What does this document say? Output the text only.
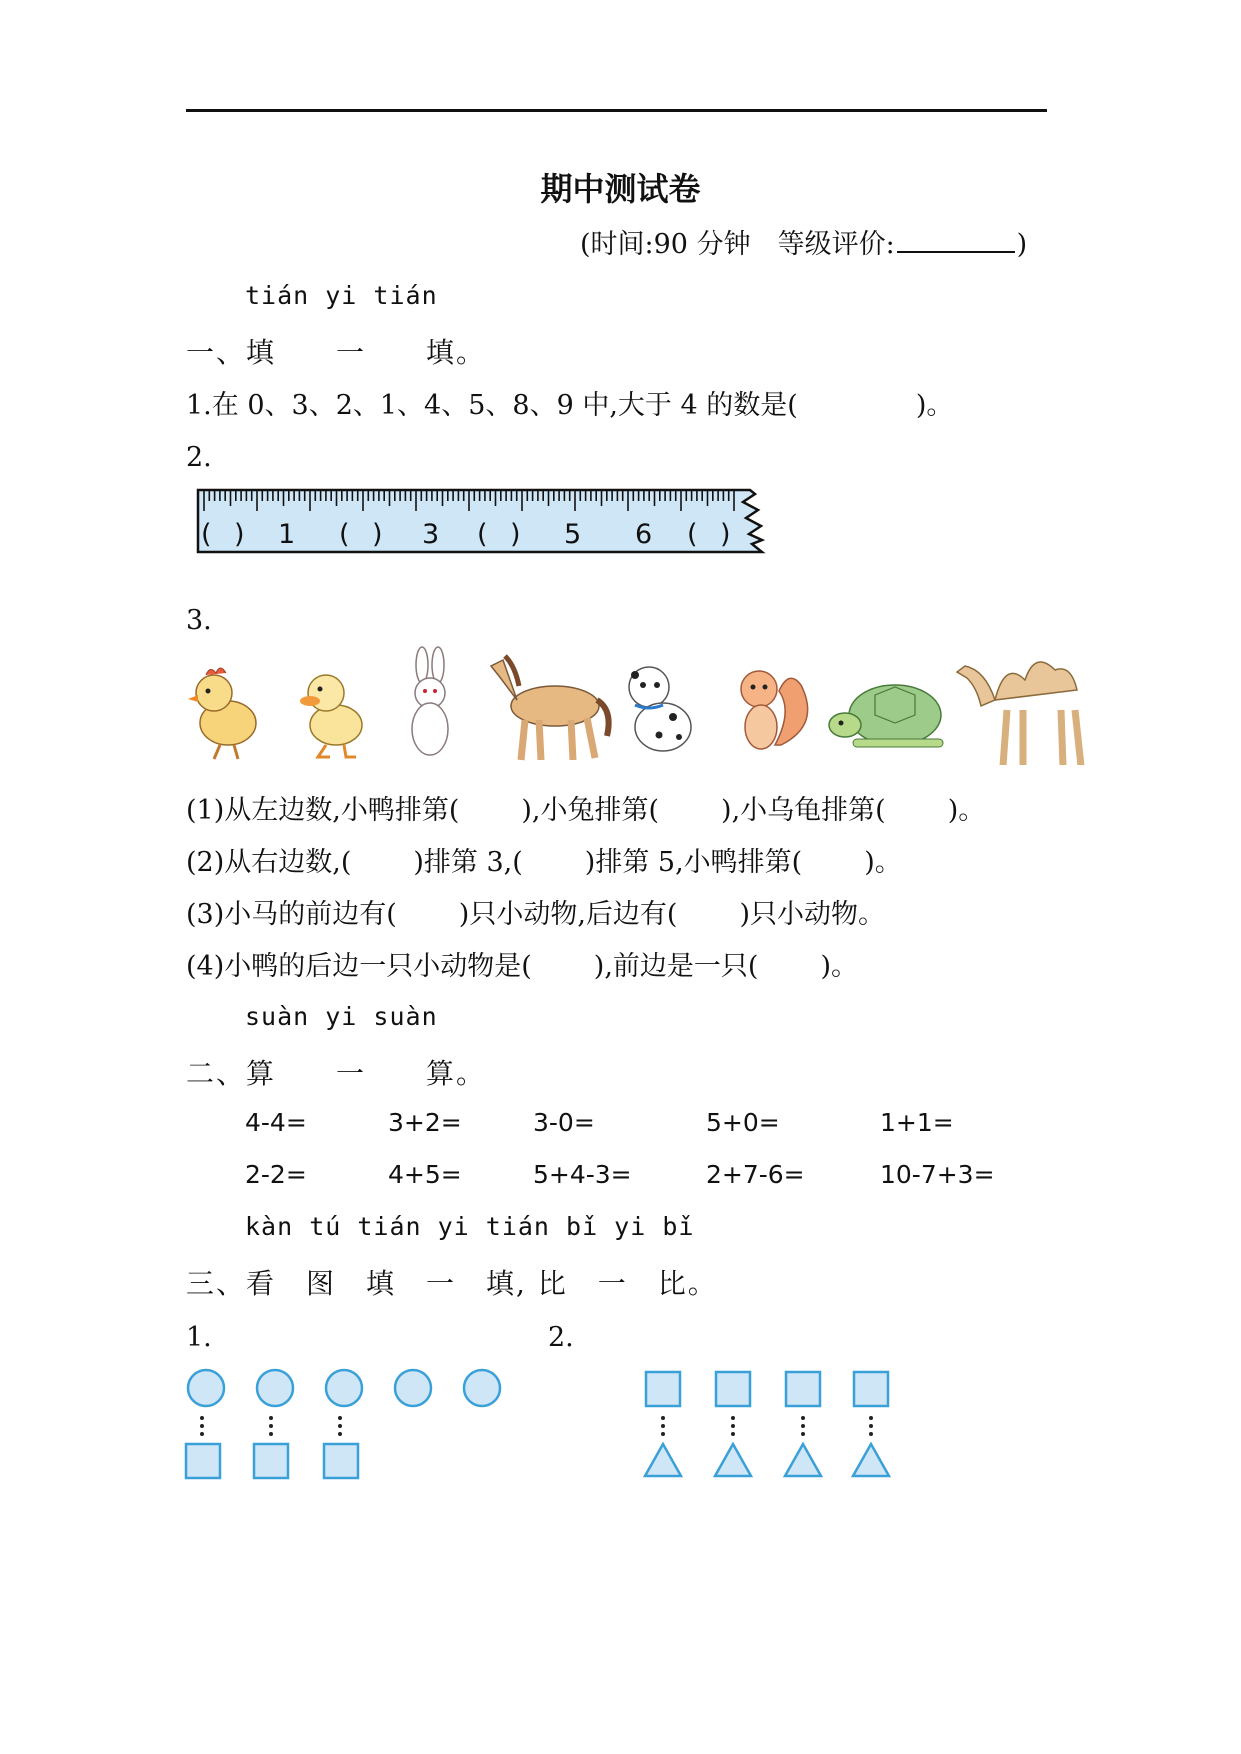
期中测试卷
(时间:90 分钟　等级评价:	)
tián yi tián
一、填　　一　　填。
1.在 0、3、2、1、4、5、8、9 中,大于 4 的数是(	)。
2.
( ) 1 ( ) 3 ( ) 5 6 ( )
3.
(1)从左边数,小鸭排第( ),小兔排第( ),小乌龟排第( )。
(2)从右边数,( )排第 3,( )排第 5,小鸭排第( )。
(3)小马的前边有( )只小动物,后边有( )只小动物。
(4)小鸭的后边一只小动物是( ),前边是一只( )。
suàn yi suàn
二、算　　一　　算。
4-4=	3+2=	3-0=	5+0=	1+1=
2-2=	4+5=	5+4-3=	2+7-6=	10-7+3=
kàn tú tián yi tián bǐ yi bǐ
三、看　图　填　一　填, 比　一　比。
1.	2.
